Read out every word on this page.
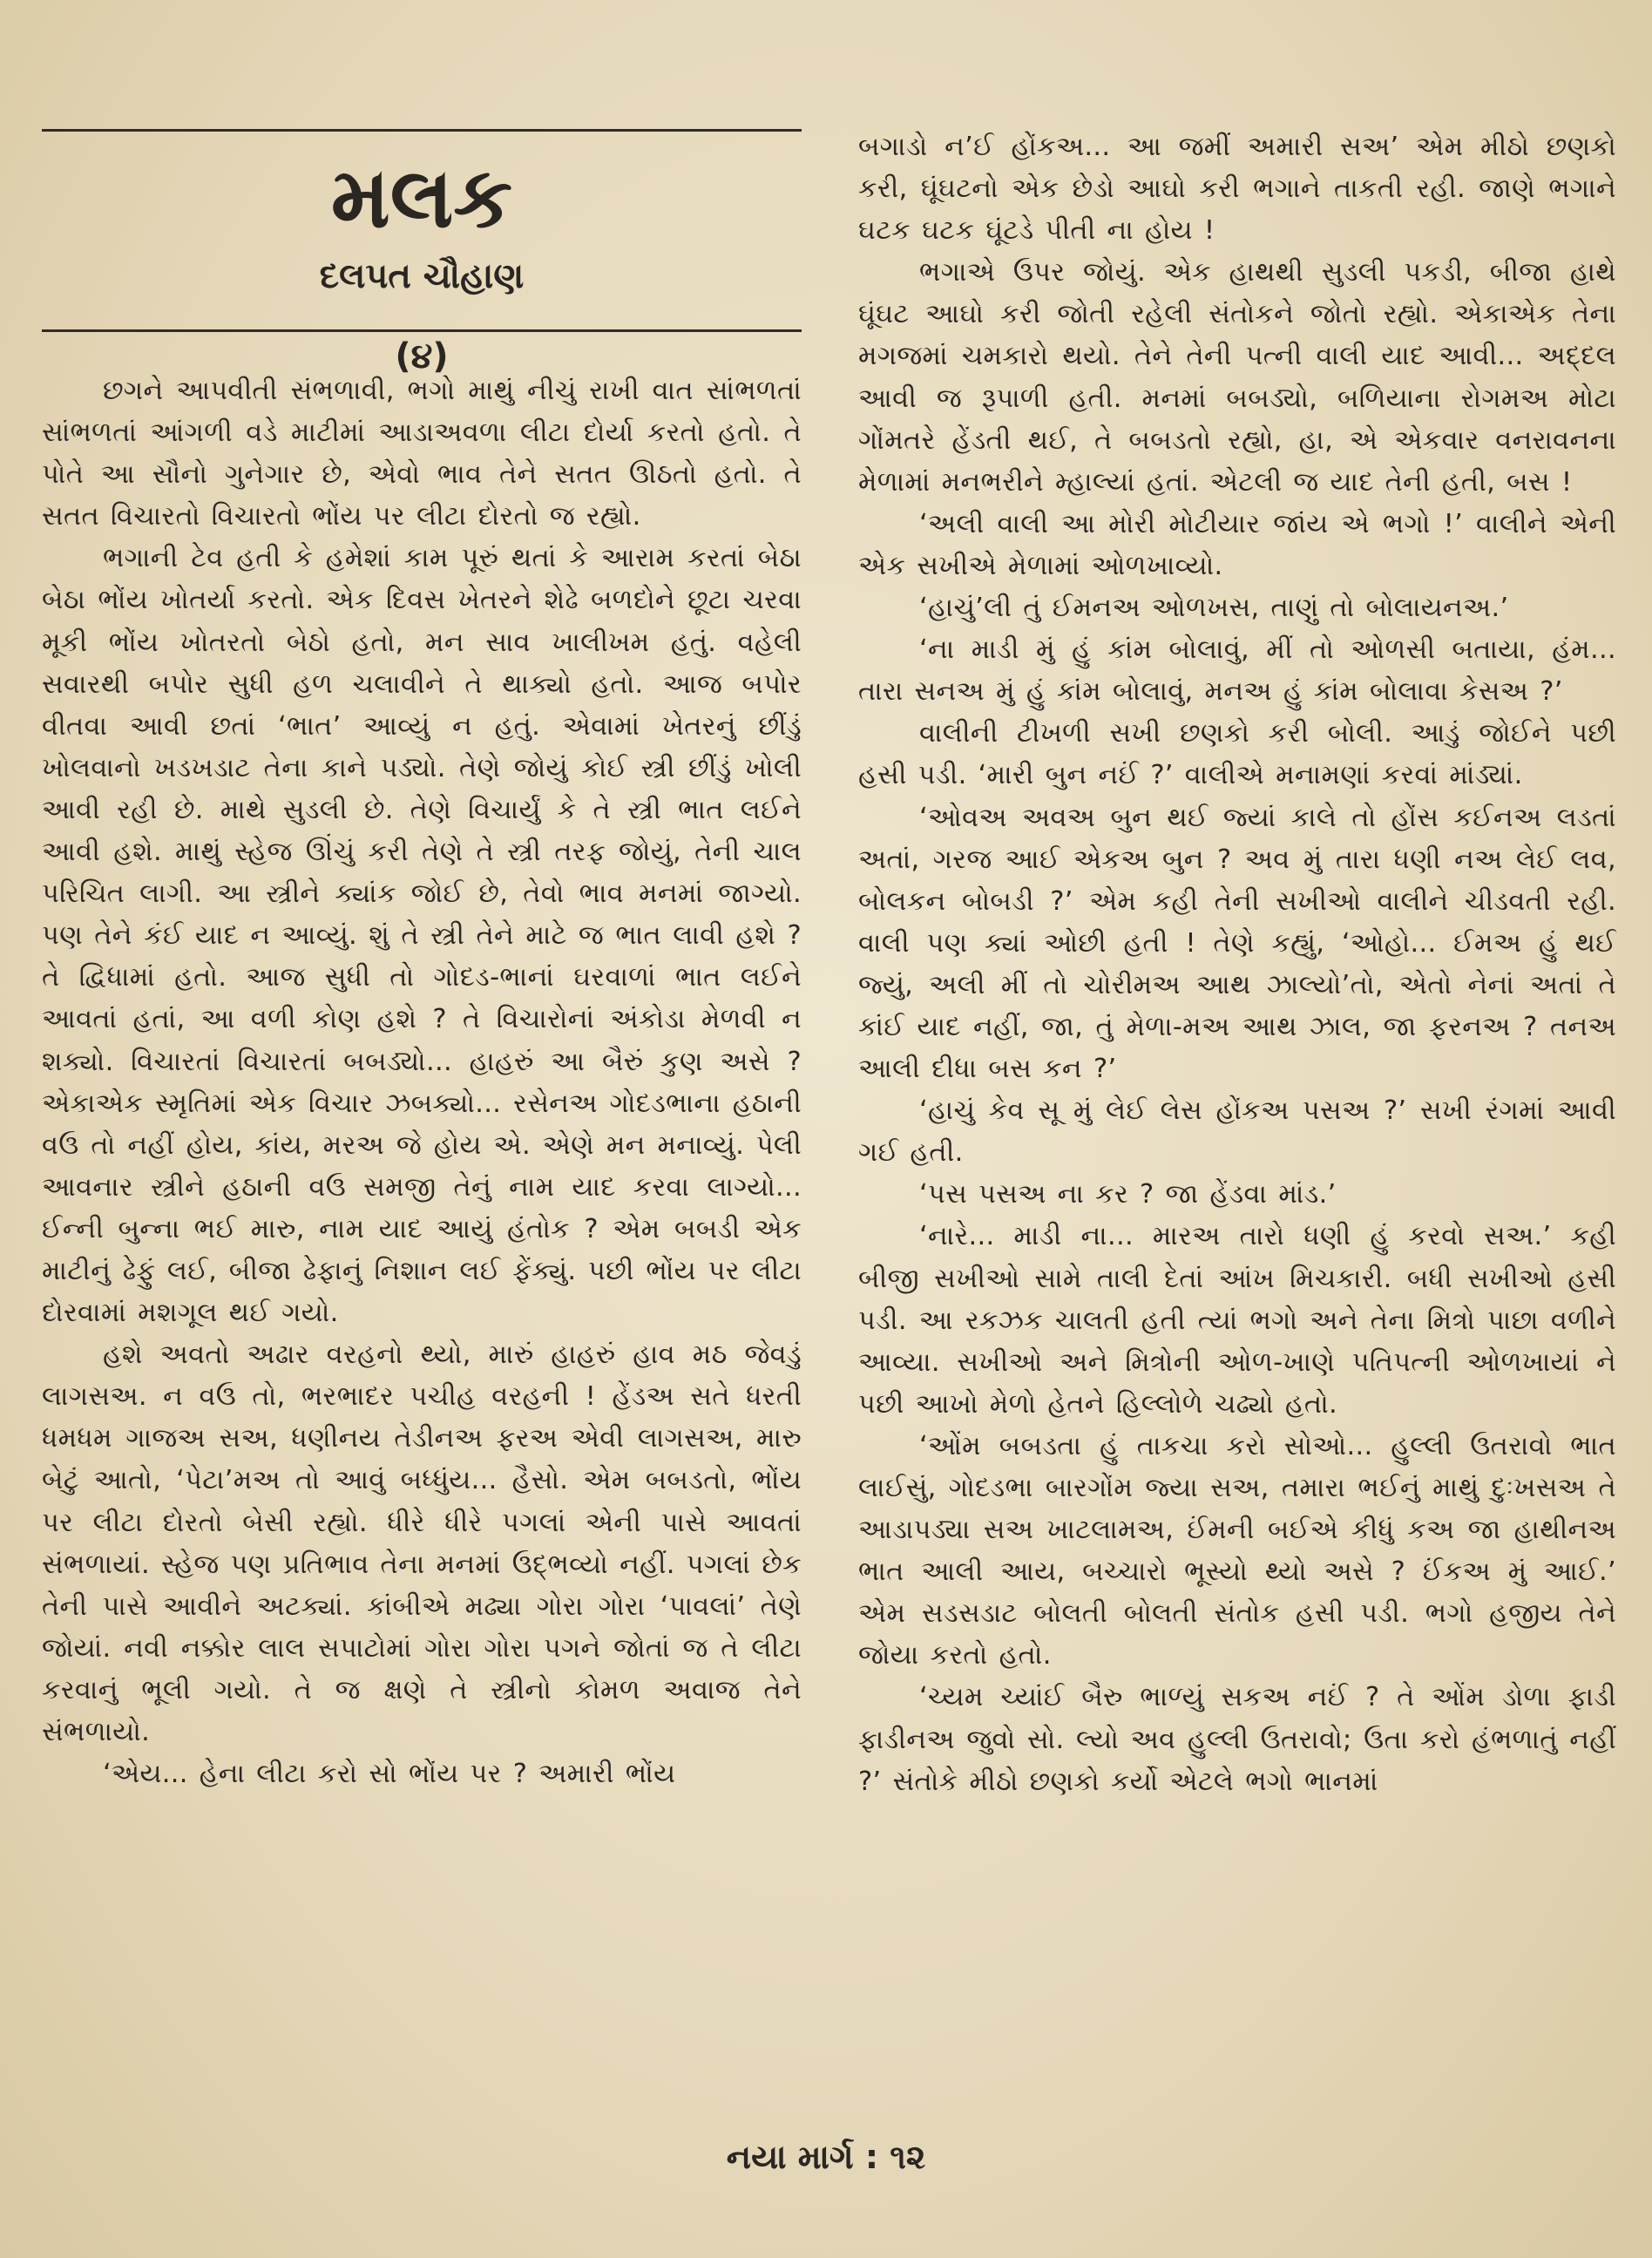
મલક
દલપત ચૌહાણ
(૪)

છગને આપવીતી સંભળાવી, ભગો માથું નીચું રાખી વાત સાંભળતાં સાંભળતાં આંગળી વડે માટીમાં આડાઅવળા લીટા દોર્યા કરતો હતો. તે પોતે આ સૌનો ગુનેગાર છે, એવો ભાવ તેને સતત ઊઠતો હતો. તે સતત વિચારતો વિચારતો ભોંય પર લીટા દોરતો જ રહ્યો.

ભગાની ટેવ હતી કે હમેશાં કામ પૂરું થતાં કે આરામ કરતાં બેઠા બેઠા ભોંય ખોતર્યા કરતો. એક દિવસ ખેતરને શેઢે બળદોને છૂટા ચરવા મૂકી ભોંય ખોતરતો બેઠો હતો, મન સાવ ખાલીખમ હતું. વહેલી સવારથી બપોર સુધી હળ ચલાવીને તે થાક્યો હતો. આજ બપોર વીતવા આવી છતાં ‘ભાત’ આવ્યું ન હતું. એવામાં ખેતરનું છીંડું ખોલવાનો ખડખડાટ તેના કાને પડ્યો. તેણે જોયું કોઈ સ્ત્રી છીંડું ખોલી આવી રહી છે. માથે સુડલી છે. તેણે વિચાર્યું કે તે સ્ત્રી ભાત લઈને આવી હશે. માથું સ્હેજ ઊંચું કરી તેણે તે સ્ત્રી તરફ જોયું, તેની ચાલ પરિચિત લાગી. આ સ્ત્રીને ક્યાંક જોઈ છે, તેવો ભાવ મનમાં જાગ્યો. પણ તેને કંઈ યાદ ન આવ્યું. શું તે સ્ત્રી તેને માટે જ ભાત લાવી હશે ? તે દ્વિધામાં હતો. આજ સુધી તો ગોદડ-ભાનાં ઘરવાળાં ભાત લઈને આવતાં હતાં, આ વળી કોણ હશે ? તે વિચારોનાં અંકોડા મેળવી ન શક્યો. વિચારતાં વિચારતાં બબડ્યો... હાહરું આ બૈરું કુણ અસે ? એકાએક સ્મૃતિમાં એક વિચાર ઝબક્યો... રસેનઅ ગોદડભાના હઠાની વઉ તો નહીં હોય, કાંય, મરઅ જે હોય એ. એણે મન મનાવ્યું. પેલી આવનાર સ્ત્રીને હઠાની વઉ સમજી તેનું નામ યાદ કરવા લાગ્યો... ઈન્ની બુન્ના ભઈ મારુ, નામ યાદ આયું હંતોક ? એમ બબડી એક માટીનું ઢેફું લઈ, બીજા ઢેફાનું નિશાન લઈ ફેંક્યું. પછી ભોંય પર લીટા દોરવામાં મશગૂલ થઈ ગયો.

હશે અવતો અઢાર વરહનો થ્યો, મારું હાહરું હાવ મઠ જેવડું લાગસઅ. ન વઉ તો, ભરભાદર પચીહ વરહની ! હેંડઅ સતે ધરતી ધમધમ ગાજઅ સઅ, ધણીનય તેડીનઅ ફરઅ એવી લાગસઅ, મારુ બેટું આતો, ‘પેટા’મઅ તો આવું બધ્ધુંય... હૈસો. એમ બબડતો, ભોંય પર લીટા દોરતો બેસી રહ્યો. ધીરે ધીરે પગલાં એની પાસે આવતાં સંભળાયાં. સ્હેજ પણ પ્રતિભાવ તેના મનમાં ઉદ્ભવ્યો નહીં. પગલાં છેક તેની પાસે આવીને અટક્યાં. કાંબીએ મઢ્યા ગોરા ગોરા ‘પાવલાં’ તેણે જોયાં. નવી નક્કોર લાલ સપાટોમાં ગોરા ગોરા પગને જોતાં જ તે લીટા કરવાનું ભૂલી ગયો. તે જ ક્ષણે તે સ્ત્રીનો કોમળ અવાજ તેને સંભળાયો.

‘એય... હેના લીટા કરો સો ભોંય પર ? અમારી ભોંય

બગાડો ન’ઈ હોંકઅ... આ જમીં અમારી સઅ’ એમ મીઠો છણકો કરી, ઘૂંઘટનો એક છેડો આઘો કરી ભગાને તાકતી રહી. જાણે ભગાને ઘટક ઘટક ઘૂંટડે પીતી ના હોય !

ભગાએ ઉપર જોયું. એક હાથથી સુડલી પકડી, બીજા હાથે ઘૂંઘટ આઘો કરી જોતી રહેલી સંતોકને જોતો રહ્યો. એકાએક તેના મગજમાં ચમકારો થયો. તેને તેની પત્ની વાલી યાદ આવી... અદ્દલ આવી જ રૂપાળી હતી. મનમાં બબડ્યો, બળિયાના રોગમઅ મોટા ગોંમતરે હેંડતી થઈ, તે બબડતો રહ્યો, હા, એ એકવાર વનરાવનના મેળામાં મનભરીને મ્હાલ્યાં હતાં. એટલી જ યાદ તેની હતી, બસ !

‘અલી વાલી આ મોરી મોટીયાર જાંય એ ભગો !’ વાલીને એની એક સખીએ મેળામાં ઓળખાવ્યો.

‘હાચું’લી તું ઈમનઅ ઓળખસ, તાણું તો બોલાયનઅ.’

‘ના માડી મું હું કાંમ બોલાવું, મીં તો ઓળસી બતાયા, હંમ... તારા સનઅ મું હું કાંમ બોલાવું, મનઅ હું કાંમ બોલાવા કેસઅ ?’

વાલીની ટીખળી સખી છણકો કરી બોલી. આડું જોઈને પછી હસી પડી. ‘મારી બુન નઈં ?’ વાલીએ મનામણાં કરવાં માંડ્યાં.

‘ઓવઅ અવઅ બુન થઈ જ્યાં કાલે તો હોંસ કઈનઅ લડતાં અતાં, ગરજ આઈ એકઅ બુન ? અવ મું તારા ધણી નઅ લેઈ લવ, બોલકન બોબડી ?’ એમ કહી તેની સખીઓ વાલીને ચીડવતી રહી. વાલી પણ ક્યાં ઓછી હતી ! તેણે કહ્યું, ‘ઓહો... ઈમઅ હું થઈ જ્યું, અલી મીં તો ચોરીમઅ આથ ઝાલ્યો’તો, એતો નેનાં અતાં તે કાંઈ યાદ નહીં, જા, તું મેળા-મઅ આથ ઝાલ, જા ફરનઅ ? તનઅ આલી દીધા બસ કન ?’

‘હાચું કેવ સૂ મું લેઈ લેસ હોંકઅ પસઅ ?’ સખી રંગમાં આવી ગઈ હતી.

‘પસ પસઅ ના કર ? જા હેંડવા માંડ.’

‘નારે... માડી ના... મારઅ તારો ધણી હું કરવો સઅ.’ કહી બીજી સખીઓ સામે તાલી દેતાં આંખ મિચકારી. બધી સખીઓ હસી પડી. આ રકઝક ચાલતી હતી ત્યાં ભગો અને તેના મિત્રો પાછા વળીને આવ્યા. સખીઓ અને મિત્રોની ઓળ-ખાણે પતિપત્ની ઓળખાયાં ને પછી આખો મેળો હેતને હિલ્લોળે ચઢ્યો હતો.

‘ઓંમ બબડતા હું તાકચા કરો સોઓ... હુલ્લી ઉતરાવો ભાત લાઈસું, ગોદડભા બારગોંમ જ્યા સઅ, તમારા ભઈનું માથું દુઃખસઅ તે આડાપડ્યા સઅ ખાટલામઅ, ઈંમની બઈએ કીધું કઅ જા હાથીનઅ ભાત આલી આય, બચ્ચારો ભૂસ્યો થ્યો અસે ? ઈંકઅ મું આઈ.’ એમ સડસડાટ બોલતી બોલતી સંતોક હસી પડી. ભગો હજીય તેને જોયા કરતો હતો.

‘ચ્યમ ચ્યાંઈ બૈરુ ભાળ્યું સકઅ નઈં ? તે ઓંમ ડોળા ફાડી ફાડીનઅ જુવો સો. લ્યો અવ હુલ્લી ઉતરાવો; ઉતા કરો હંભળાતું નહીં ?’ સંતોકે મીઠો છણકો કર્યો એટલે ભગો ભાનમાં

નયા માર્ગ : ૧૨
